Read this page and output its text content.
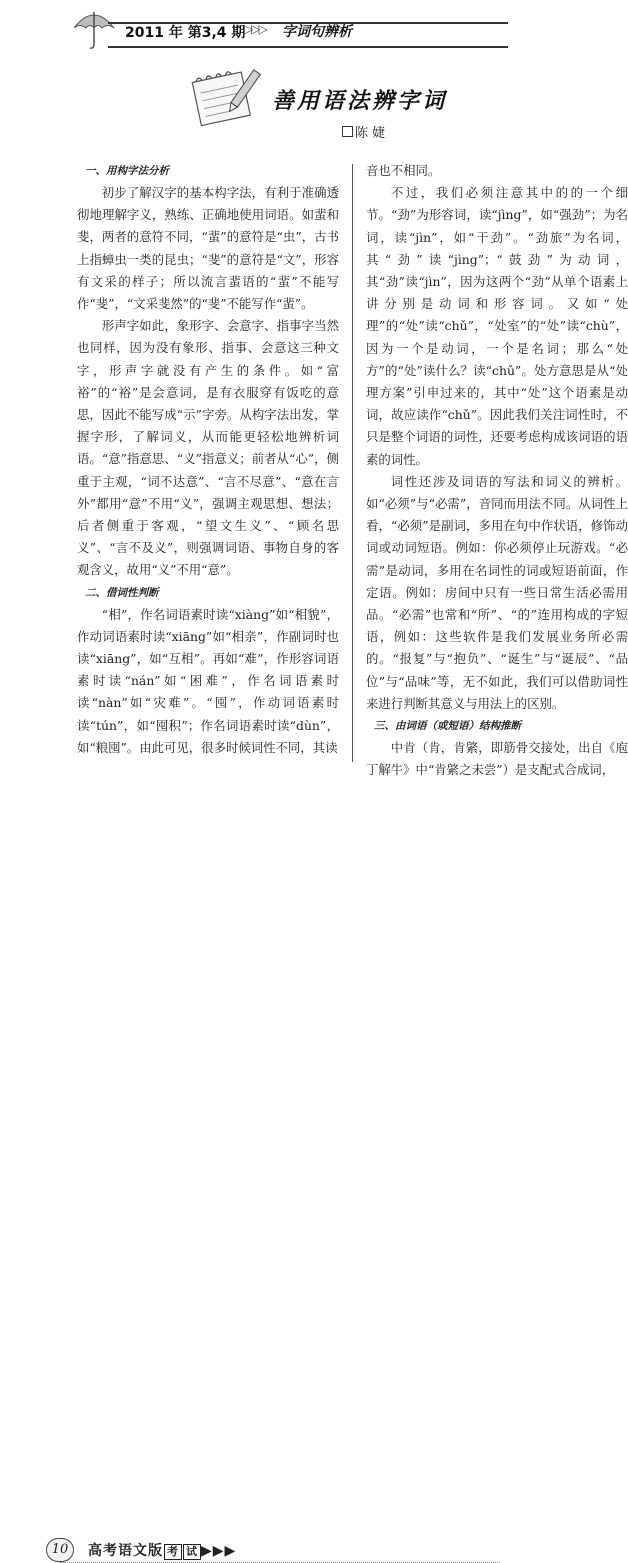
2011 年 第3,4 期
▷▷▷ 字词句辨析
善用语法辨字词
陈 婕
一、用构字法分析

初步了解汉字的基本构字法，有利于准确透彻地理解字义，熟练、正确地使用词语。如蜚和斐，两者的意符不同，“蜚”的意符是“虫”，古书上指蟑虫一类的昆虫；“斐”的意符是“文”，形容有文采的样子；所以流言蜚语的“蜚”不能写作“斐”，“文采斐然”的“斐”不能写作“蜚”。

形声字如此，象形字、会意字、指事字当然也同样，因为没有象形、指事、会意这三种文字，形声字就没有产生的条件。如“富裕”的“裕”是会意词，是有衣服穿有饭吃的意思，因此不能写成“示”字旁。从构字法出发，掌握字形，了解词义，从而能更轻松地辨析词语。“意”指意思、“义”指意义；前者从“心”，侧重于主观，“词不达意”、“言不尽意”、“意在言外”都用“意”不用“义”，强调主观思想、想法；后者侧重于客观，“望文生义”、“顾名思义”、“言不及义”，则强调词语、事物自身的客观含义，故用“义”不用“意”。

二、借词性判断

“相”，作名词语素时读“xiàng”如“相貌”，作动词语素时读“xiāng”如“相亲”，作副词时也读“xiāng”，如“互相”。再如“难”，作形容词语素时读“nán”如“困难”，作名词语素时读“nàn”如“灾难”。“囤”，作动词语素时读“tún”，如“囤积”；作名词语素时读“dùn”，如“粮囤”。由此可见，很多时候词性不同，其读

音也不相同。

不过，我们必须注意其中的的一个细节。“劲”为形容词，读“jìng”，如“强劲”；为名词，读“jìn”，如“干劲”。“劲旅”为名词，其“劲”读“jìng”；“鼓劲”为动词，其“劲”读“jìn”，因为这两个“劲”从单个语素上讲分别是动词和形容词。又如“处理”的“处”读“chǔ”，“处室”的“处”读“chù”，因为一个是动词，一个是名词；那么“处方”的“处”读什么？读“chǔ”。处方意思是从“处理方案”引申过来的，其中“处”这个语素是动词，故应读作“chǔ”。因此我们关注词性时，不只是整个词语的词性，还要考虑构成该词语的语素的词性。

词性还涉及词语的写法和词义的辨析。如“必须”与“必需”，音同而用法不同。从词性上看，“必须”是副词，多用在句中作状语，修饰动词或动词短语。例如：你必须停止玩游戏。“必需”是动词，多用在名词性的词或短语前面，作定语。例如：房间中只有一些日常生活必需用品。“必需”也常和“所”、“的”连用构成的字短语，例如：这些软件是我们发展业务所必需的。“报复”与“抱负”、“诞生”与“诞辰”、“品位”与“品味”等，无不如此，我们可以借助词性来进行判断其意义与用法上的区别。

三、由词语（或短语）结构推断

中肯（肯，肯綮，即筋骨交接处，出自《庖丁解牛》中“肯綮之未尝”）是支配式合成词，

10	高考语文版 考 试 ▶▶▶
